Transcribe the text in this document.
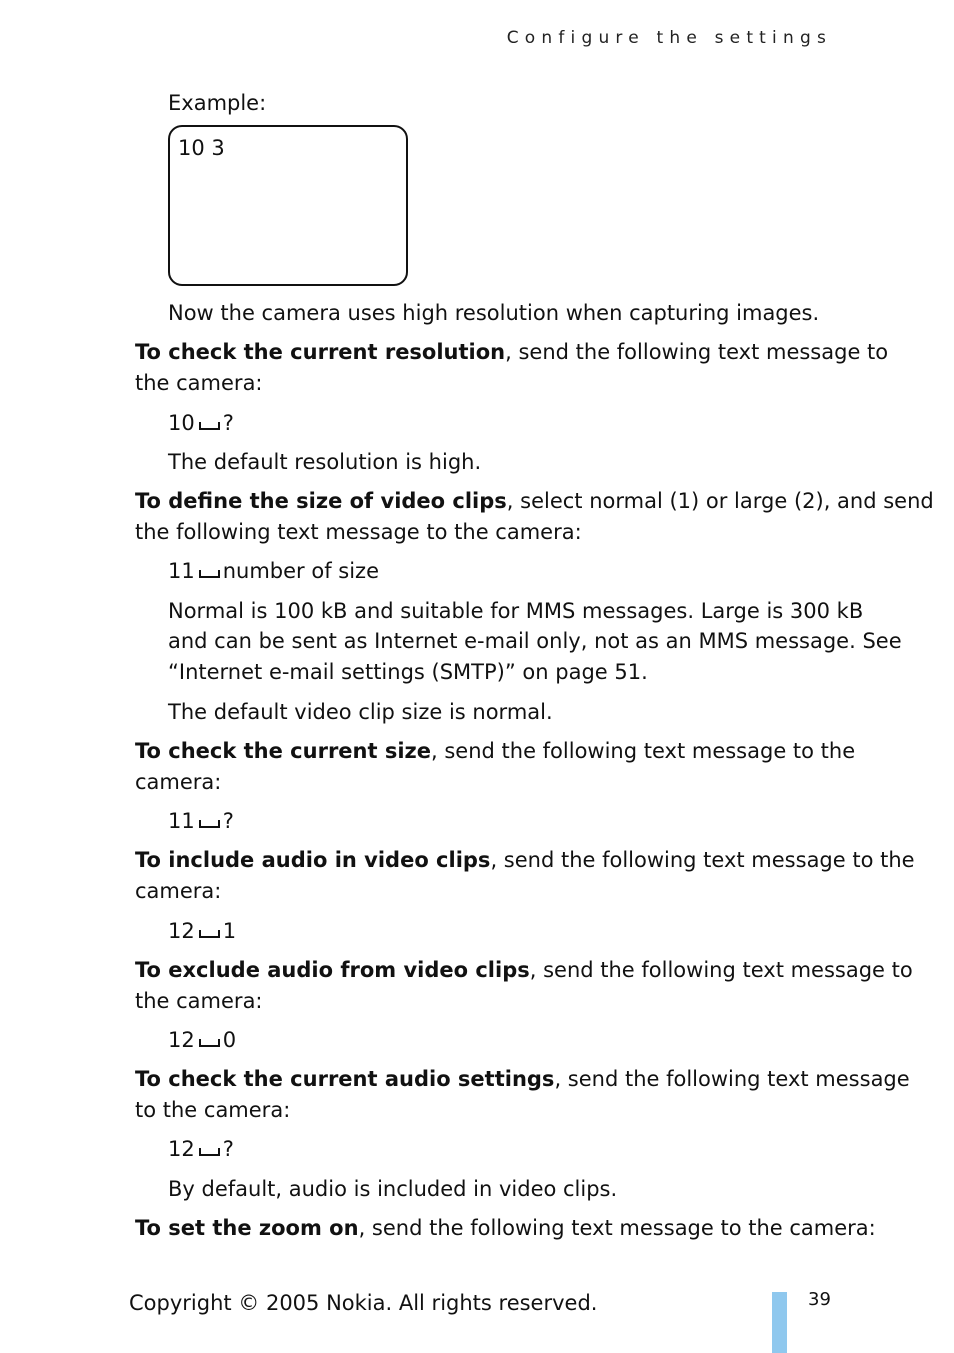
Configure the settings
Example:
10 3
Now the camera uses high resolution when capturing images.
To check the current resolution, send the following text message to
the camera:
10 ?
The default resolution is high.
To define the size of video clips, select normal (1) or large (2), and send
the following text message to the camera:
11 number of size
Normal is 100 kB and suitable for MMS messages. Large is 300 kB
and can be sent as Internet e-mail only, not as an MMS message. See
“Internet e-mail settings (SMTP)” on page 51.
The default video clip size is normal.
To check the current size, send the following text message to the
camera:
11 ?
To include audio in video clips, send the following text message to the
camera:
12 1
To exclude audio from video clips, send the following text message to
the camera:
12 0
To check the current audio settings, send the following text message
to the camera:
12 ?
By default, audio is included in video clips.
To set the zoom on, send the following text message to the camera:
Copyright © 2005 Nokia. All rights reserved.	39
